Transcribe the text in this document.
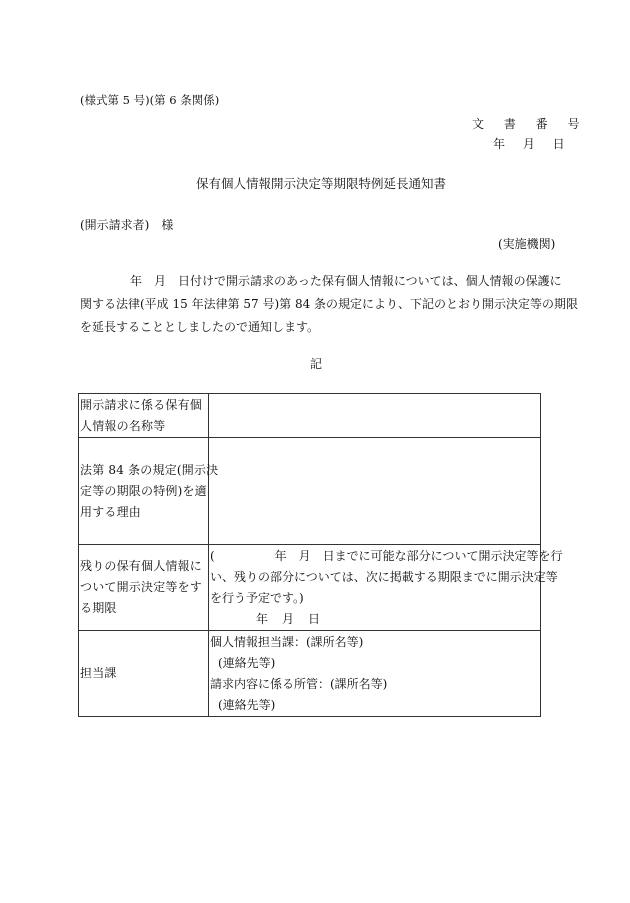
(様式第 5 号)(第 6 条関係)
文 書 番 号
年 月 日
保有個人情報開示決定等期限特例延長通知書
(開示請求者)　様
(実施機関)
年　月　日付けで開示請求のあった保有個人情報については、個人情報の保護に
関する法律(平成 15 年法律第 57 号)第 84 条の規定により、下記のとおり開示決定等の期限
を延長することとしましたので通知します。
記
開示請求に係る保有個
人情報の名称等	

法第 84 条の規定(開示決
定等の期限の特例)を適
用する理由	

残りの保有個人情報に
ついて開示決定等をす
る期限	(　　　　　年　月　日までに可能な部分について開示決定等を行
い、残りの部分については、次に掲載する期限までに開示決定等
を行う予定です。)
年　月　日

担当課	個人情報担当課：(課所名等)
(連絡先等)
請求内容に係る所管：(課所名等)
(連絡先等)
